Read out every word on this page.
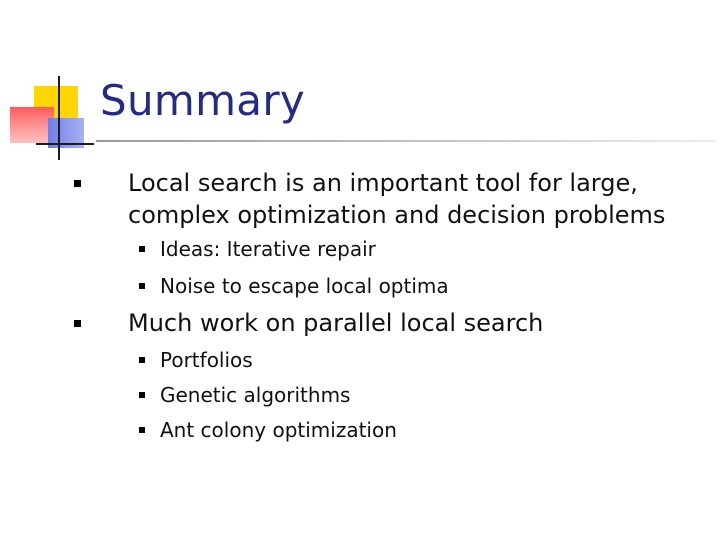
Summary
Local search is an important tool for large,
complex optimization and decision problems
Ideas: Iterative repair
Noise to escape local optima
Much work on parallel local search
Portfolios
Genetic algorithms
Ant colony optimization
